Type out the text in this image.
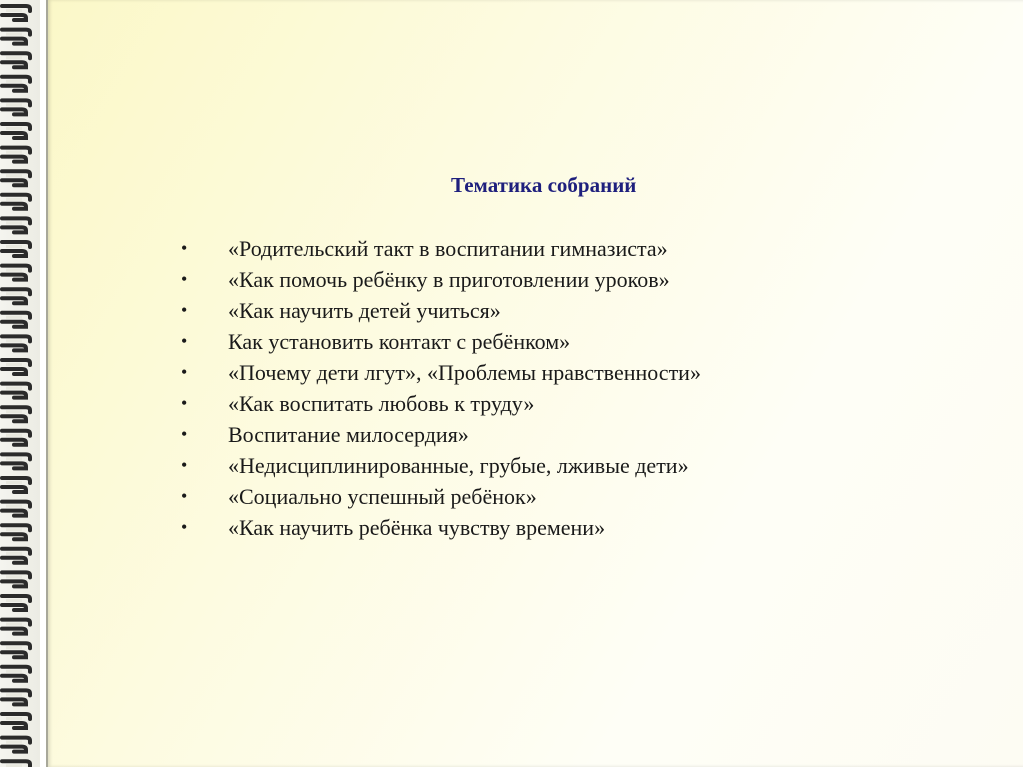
Тематика собраний
• «Родительский такт в воспитании гимназиста»
• «Как помочь ребёнку в приготовлении уроков»
• «Как научить детей учиться»
• Как установить контакт с ребёнком»
• «Почему дети лгут», «Проблемы нравственности»
• «Как воспитать любовь к труду»
• Воспитание милосердия»
• «Недисциплинированные, грубые, лживые дети»
• «Социально успешный ребёнок»
• «Как научить ребёнка чувству времени»
